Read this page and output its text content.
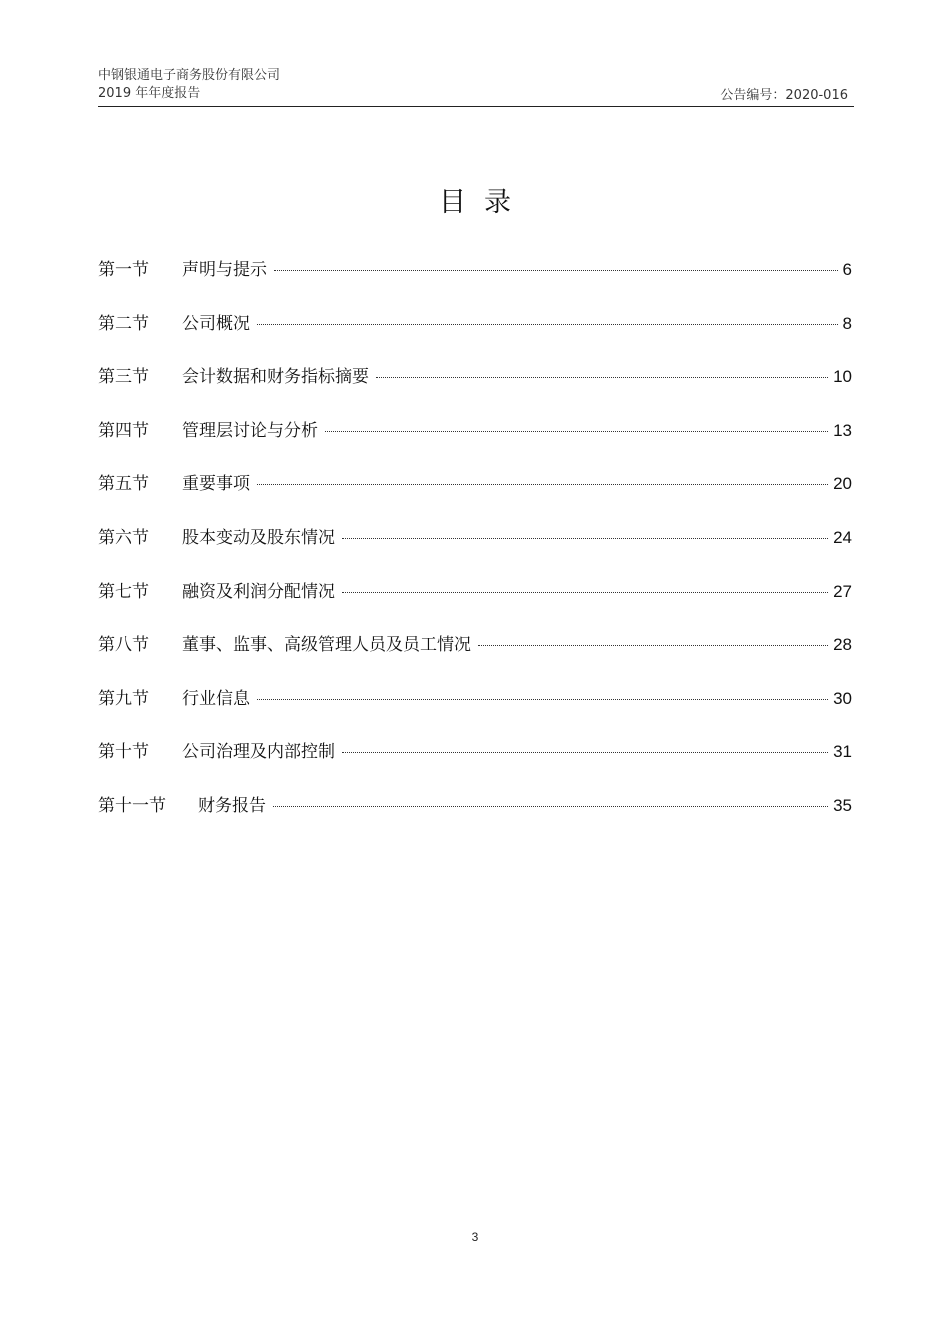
中钢银通电子商务股份有限公司
2019 年年度报告	公告编号：2020-016
目录
第一节	声明与提示	6
第二节	公司概况	8
第三节	会计数据和财务指标摘要	10
第四节	管理层讨论与分析	13
第五节	重要事项	20
第六节	股本变动及股东情况	24
第七节	融资及利润分配情况	27
第八节	董事、监事、高级管理人员及员工情况	28
第九节	行业信息	30
第十节	公司治理及内部控制	31
第十一节	财务报告	35
3
